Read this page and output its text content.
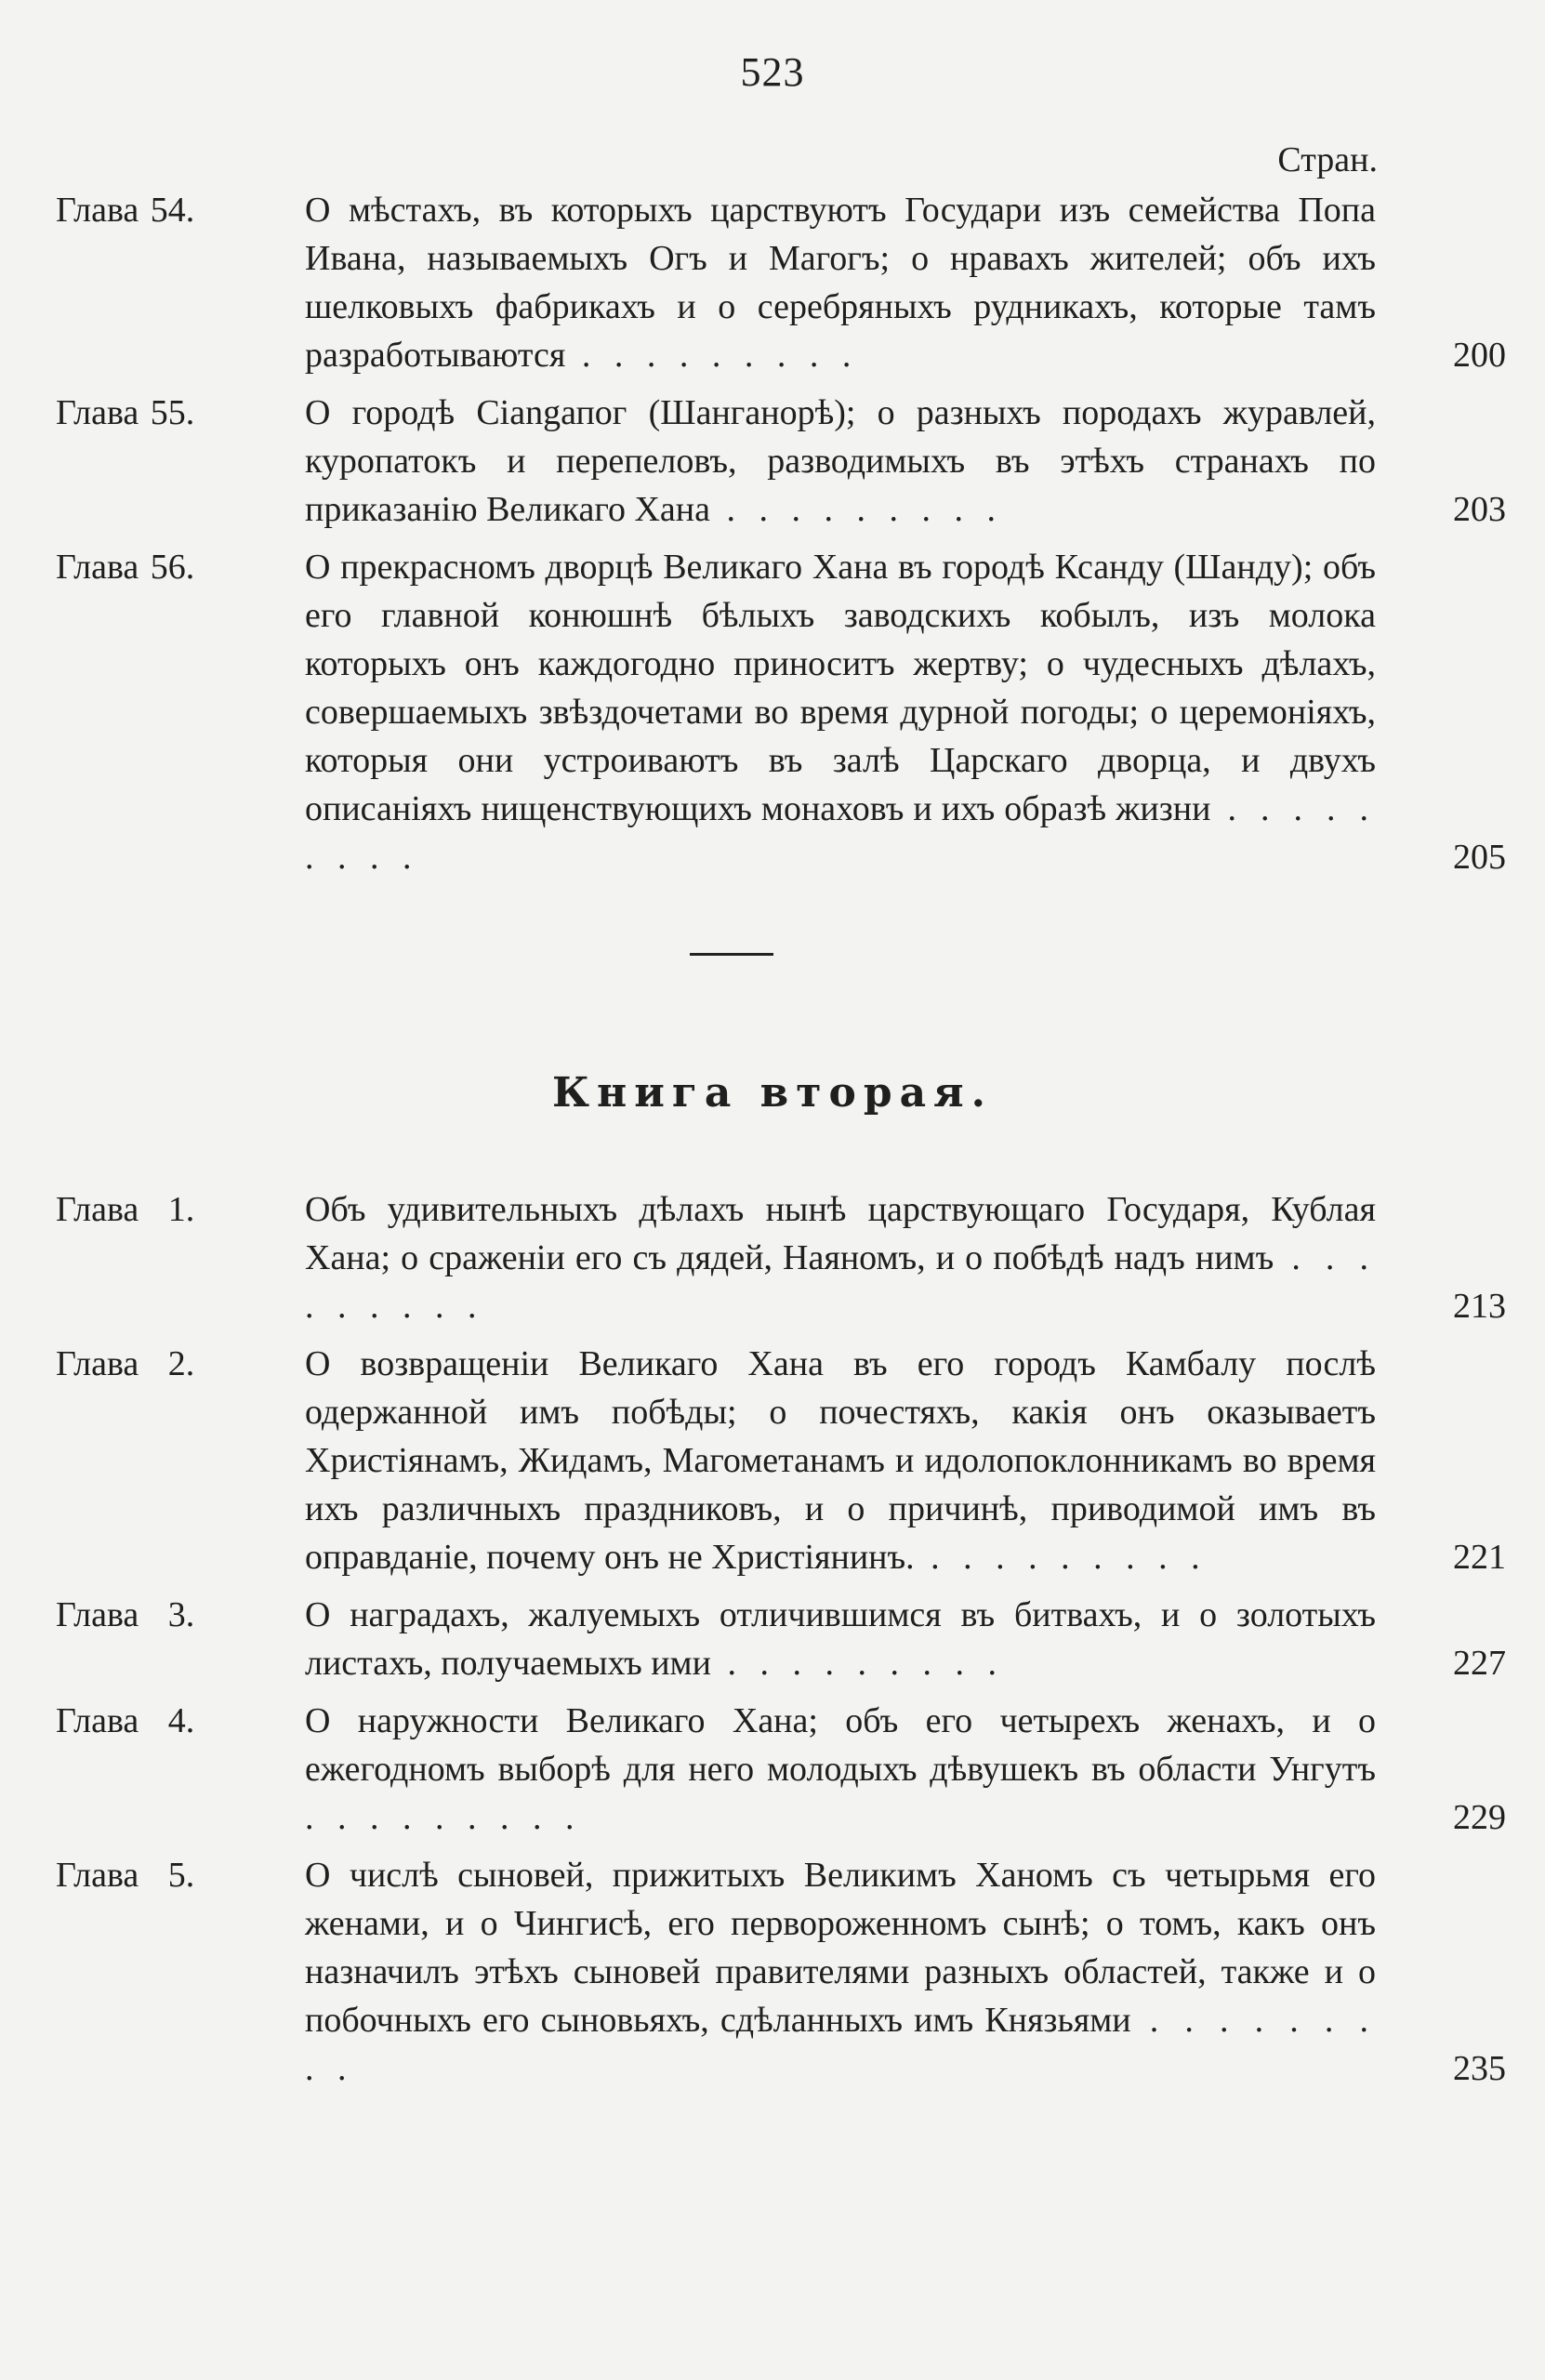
523
Стран.
Глава 54.	О мѣстахъ, въ которыхъ царствуютъ Государи изъ семейства Попа Ивана, называемыхъ Огъ и Магогъ; о нравахъ жителей; объ ихъ шелковыхъ фабрикахъ и о серебряныхъ рудникахъ, которые тамъ разработываются . . . . . . . . .	200
Глава 55.	О городѣ Сіangапог (Шанганорѣ); о разныхъ породахъ журавлей, куропатокъ и перепеловъ, разводимыхъ въ этѣхъ странахъ по приказанію Великаго Хана . . . . . . . . .	203
Глава 56.	О прекрасномъ дворцѣ Великаго Хана въ городѣ Ксанду (Шанду); объ его главной конюшнѣ бѣлыхъ заводскихъ кобылъ, изъ молока которыхъ онъ каждогодно приноситъ жертву; о чудесныхъ дѣлахъ, совершаемыхъ звѣздочетами во время дурной погоды; о церемоніяхъ, которыя они устроиваютъ въ залѣ Царскаго дворца, и двухъ описаніяхъ нищенствующихъ монаховъ и ихъ образѣ жизни . . . . . . . . .	205
Книга вторая.
Глава 1.	Объ удивительныхъ дѣлахъ нынѣ царствующаго Государя, Кублая Хана; о сраженіи его съ дядей, Наяномъ, и о побѣдѣ надъ нимъ . . . . . . . . .	213
Глава 2.	О возвращеніи Великаго Хана въ его городъ Камбалу послѣ одержанной имъ побѣды; о почестяхъ, какія онъ оказываетъ Христіянамъ, Жидамъ, Магометанамъ и идолопоклонникамъ во время ихъ различныхъ праздниковъ, и о причинѣ, приводимой имъ въ оправданіе, почему онъ не Христіянинъ. . . . . . . . . .	221
Глава 3.	О наградахъ, жалуемыхъ отличившимся въ битвахъ, и о золотыхъ листахъ, получаемыхъ ими . . . . . . . . .	227
Глава 4.	О наружности Великаго Хана; объ его четырехъ женахъ, и о ежегодномъ выборѣ для него молодыхъ дѣвушекъ въ области Унгутъ . . . . . . . . .	229
Глава 5.	О числѣ сыновей, прижитыхъ Великимъ Ханомъ съ четырьмя его женами, и о Чингисѣ, его первороженномъ сынѣ; о томъ, какъ онъ назначилъ этѣхъ сыновей правителями разныхъ областей, также и о побочныхъ его сыновьяхъ, сдѣланныхъ имъ Князьями . . . . . . . . .	235
